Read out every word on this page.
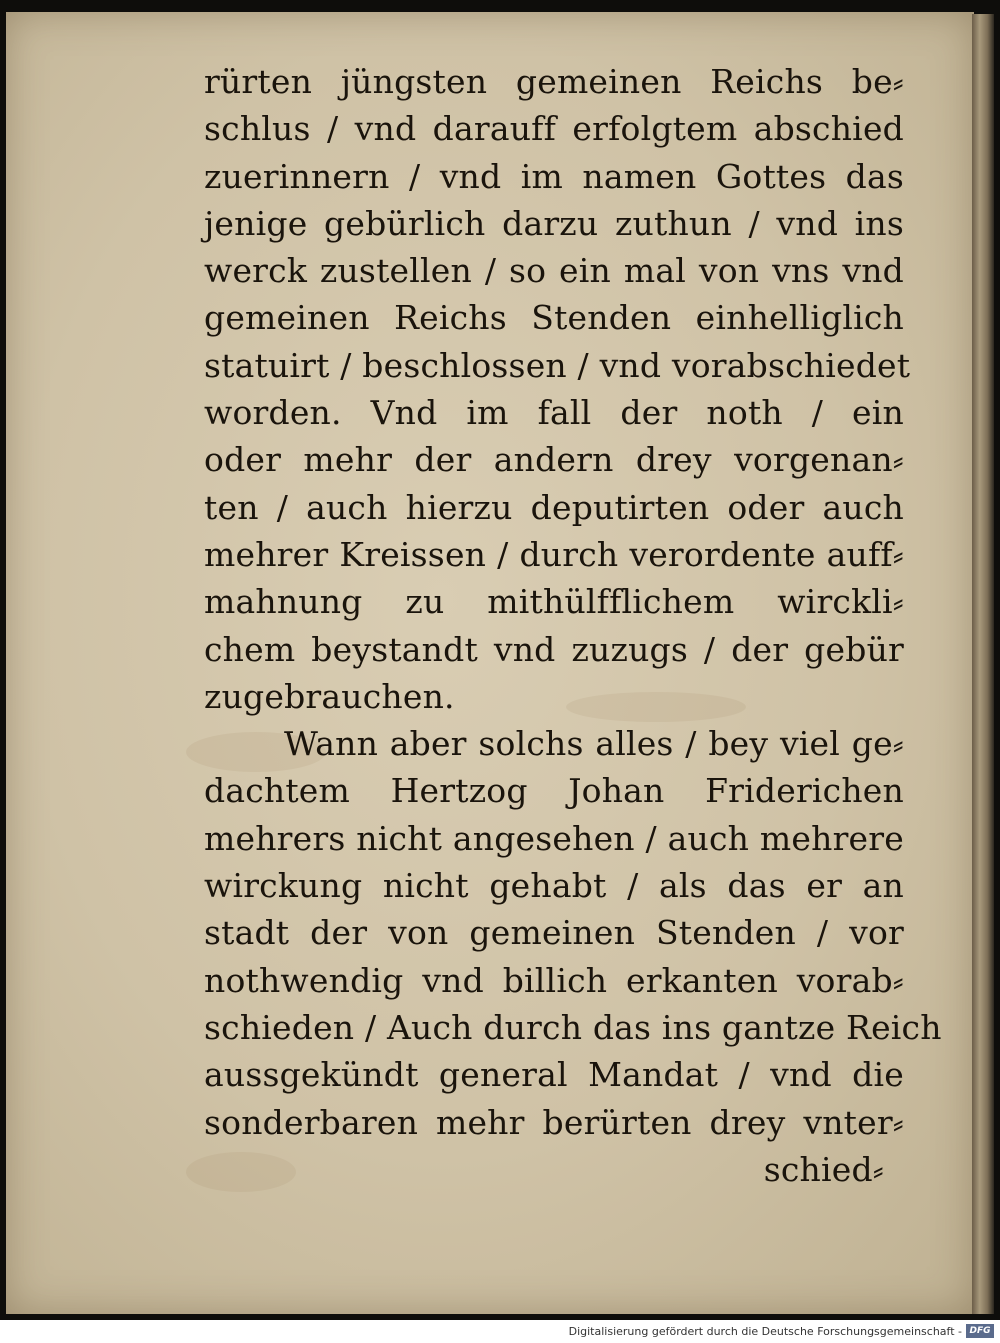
rürten jüngsten gemeinen Reichs be⸗
schlus / vnd darauff erfolgtem abschied
zuerinnern / vnd im namen Gottes das
jenige gebürlich darzu zuthun / vnd ins
werck zustellen / so ein mal von vns vnd
gemeinen Reichs Stenden einhelliglich
statuirt / beschlossen / vnd vorabschiedet
worden. Vnd im fall der noth / ein
oder mehr der andern drey vorgenan⸗
ten / auch hierzu deputirten oder auch
mehrer Kreissen / durch verordente auff⸗
mahnung zu mithülfflichem wirckli⸗
chem beystandt vnd zuzugs / der gebür
zugebrauchen.
Wann aber solchs alles / bey viel ge⸗
dachtem Hertzog Johan Friderichen
mehrers nicht angesehen / auch mehrere
wirckung nicht gehabt / als das er an
stadt der von gemeinen Stenden / vor
nothwendig vnd billich erkanten vorab⸗
schieden / Auch durch das ins gantze Reich
aussgekündt general Mandat / vnd die
sonderbaren mehr berürten drey vnter⸗
schied⸗
Digitalisierung gefördert durch die Deutsche Forschungsgemeinschaft - DFG
